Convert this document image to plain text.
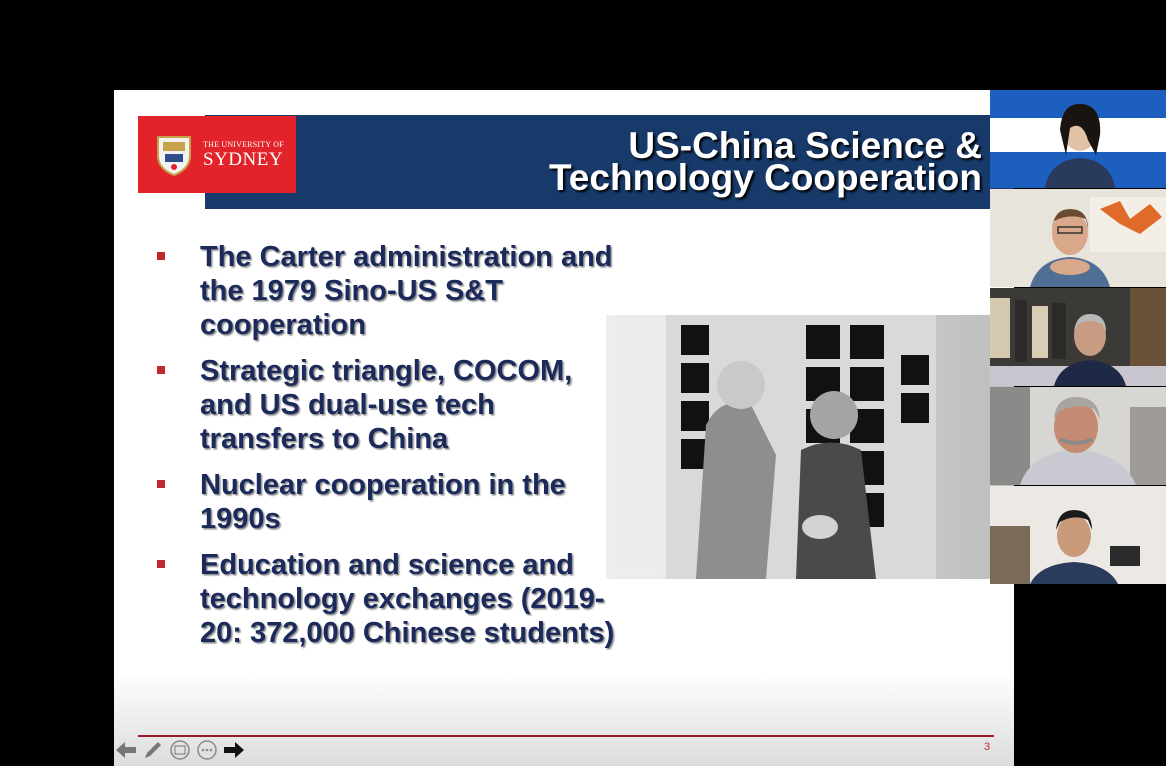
THE UNIVERSITY OF
SYDNEY	US-China Science &
Technology Cooperation
The Carter administration and the 1979 Sino-US S&T cooperation
Strategic triangle, COCOM, and US dual-use tech transfers to China
Nuclear cooperation in the 1990s
Education and science and technology exchanges (2019-20: 372,000 Chinese students)
©视觉中国
3
